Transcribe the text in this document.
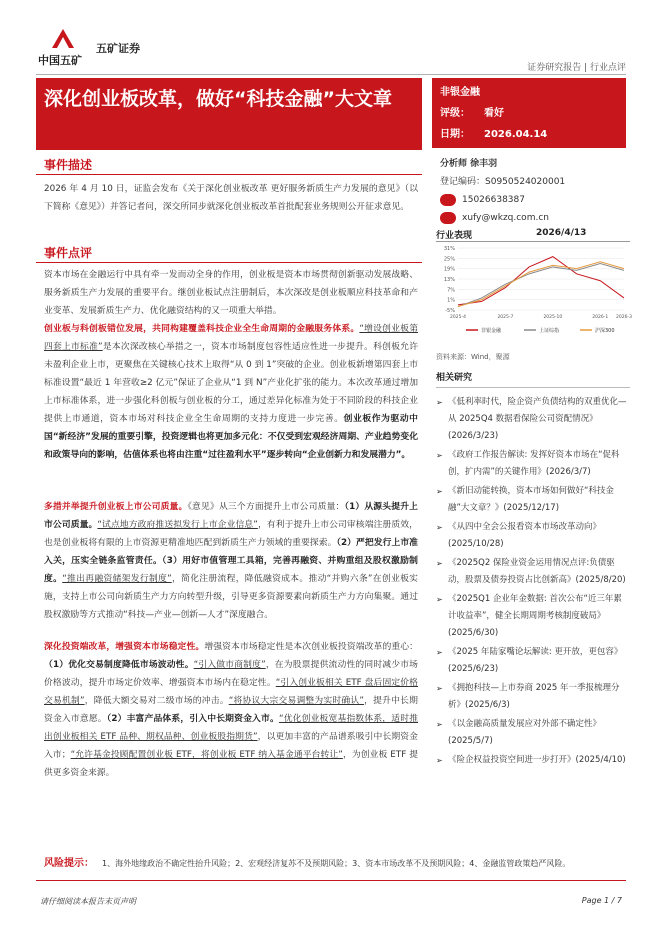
中国五矿
五矿证券
证券研究报告 | 行业点评
深化创业板改革，做好“科技金融”大文章	非银金融
评级： 看好
日期： 2026.04.14
事件描述
2026 年 4 月 10 日，证监会发布《关于深化创业板改革 更好服务新质生产力发展的意见》（以下简称《意见》）并答记者问，深交所同步就深化创业板改革首批配套业务规则公开征求意见。
事件点评
资本市场在金融运行中具有牵一发而动全身的作用，创业板是资本市场贯彻创新驱动发展战略、服务新质生产力发展的重要平台。继创业板试点注册制后，本次深改是创业板顺应科技革命和产业变革、发展新质生产力、优化融资结构的又一项重大举措。
创业板与科创板错位发展，共同构建覆盖科技企业全生命周期的金融服务体系。“增设创业板第四套上市标准”是本次深改核心举措之一，资本市场制度包容性适应性进一步提升。科创板允许未盈利企业上市，更聚焦在关键核心技术上取得“从 0 到 1”突破的企业。创业板新增第四套上市标准设置“最近 1 年营收≥2 亿元”保证了企业从“1 到 N”产业化扩张的能力。本次改革通过增加上市标准体系，进一步强化科创板与创业板的分工，通过差异化标准为处于不同阶段的科技企业提供上市通道，资本市场对科技企业全生命周期的支持力度进一步完善。创业板作为驱动中国“新经济”发展的重要引擎，投资逻辑也将更加多元化：不仅受到宏观经济周期、产业趋势变化和政策导向的影响，估值体系也将由注重“过往盈利水平”逐步转向“企业创新力和发展潜力”。
多措并举提升创业板上市公司质量。《意见》从三个方面提升上市公司质量：（1）从源头提升上市公司质量。“试点地方政府推送拟发行上市企业信息”，有利于提升上市公司审核端注册质效，也是创业板将有限的上市资源更精准地匹配到新质生产力领域的重要探索。（2）严把发行上市准入关，压实全链条监管责任。（3）用好市值管理工具箱，完善再融资、并购重组及股权激励制度。“推出再融资储架发行制度”，简化注册流程，降低融资成本。推动“并购六条”在创业板实施，支持上市公司向新质生产力方向转型升级，引导更多资源要素向新质生产力方向集聚。通过股权激励等方式推动“科技—产业—创新—人才”深度融合。
深化投资端改革，增强资本市场稳定性。增强资本市场稳定性是本次创业板投资端改革的重心：（1）优化交易制度降低市场波动性。“引入做市商制度”，在为股票提供流动性的同时减少市场价格波动，提升市场定价效率、增强资本市场内在稳定性。“引入创业板相关 ETF 盘后固定价格交易机制”，降低大额交易对二级市场的冲击。“将协议大宗交易调整为实时确认”，提升中长期资金入市意愿。（2）丰富产品体系，引入中长期资金入市。“优化创业板宽基指数体系，适时推出创业板相关 ETF 品种、期权品种、创业板股指期货”，以更加丰富的产品谱系吸引中长期资金入市；“允许基金投顾配置创业板 ETF，将创业板 ETF 纳入基金通平台转让”，为创业板 ETF 提供更多资金来源。
分析师 徐丰羽
登记编码：S0950524020001
15026638387
xufy@wkzq.com.cn
行业表现	2026/4/13
31%
25%
19%
13%
7%
1%
-5%
2025-4	2025-7	2025-10	2026-1 2026-3
非银金融	上证综指	沪深300
资料来源：Wind，聚源
相关研究
➢ 《低利率时代，险企资产负债结构的双重优化—从 2025Q4 数据看保险公司资配情况》(2026/3/23)
➢ 《政府工作报告解读: 发挥好资本市场在“促科创，扩内需”的关键作用》(2026/3/7)
➢ 《新旧动能转换，资本市场如何做好“科技金融”大文章？》(2025/12/17)
➢ 《从四中全会公报看资本市场改革动向》(2025/10/28)
➢ 《2025Q2 保险业资金运用情况点评:负债驱动，股票及债券投资占比创新高》(2025/8/20)
➢ 《2025Q1 企业年金数据: 首次公布“近三年累计收益率”，健全长期周期考核制度破局》(2025/6/30)
➢ 《2025 年陆家嘴论坛解读: 更开放，更包容》(2025/6/23)
➢ 《拥抱科技—上市券商 2025 年一季报梳理分析》(2025/6/3)
➢ 《以金融高质量发展应对外部不确定性》(2025/5/7)
➢ 《险企权益投资空间进一步打开》(2025/4/10)
风险提示： 1、海外地缘政治不确定性抬升风险；2、宏观经济复苏不及预期风险；3、资本市场改革不及预期风险；4、金融监管政策趋严风险。
请仔细阅读本报告末页声明	Page 1 / 7
